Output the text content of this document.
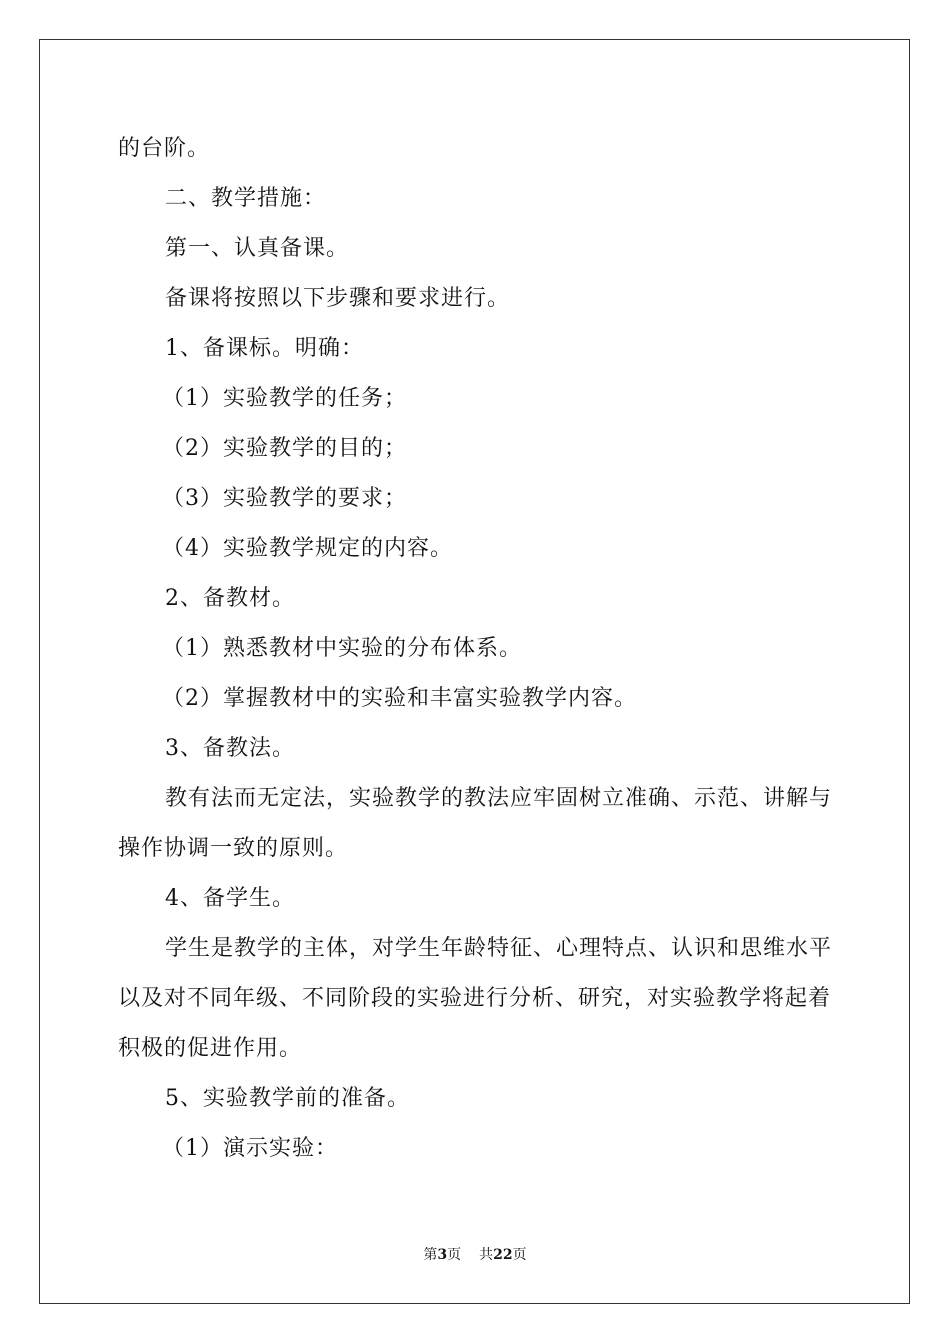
的台阶。

二、教学措施：

第一、认真备课。

备课将按照以下步骤和要求进行。

1、备课标。明确：

（1）实验教学的任务；

（2）实验教学的目的；

（3）实验教学的要求；

（4）实验教学规定的内容。

2、备教材。

（1）熟悉教材中实验的分布体系。

（2）掌握教材中的实验和丰富实验教学内容。

3、备教法。

教有法而无定法，实验教学的教法应牢固树立准确、示范、讲解与操作协调一致的原则。

4、备学生。

学生是教学的主体，对学生年龄特征、心理特点、认识和思维水平以及对不同年级、不同阶段的实验进行分析、研究，对实验教学将起着积极的促进作用。

5、实验教学前的准备。

（1）演示实验：

第3页 共22页
